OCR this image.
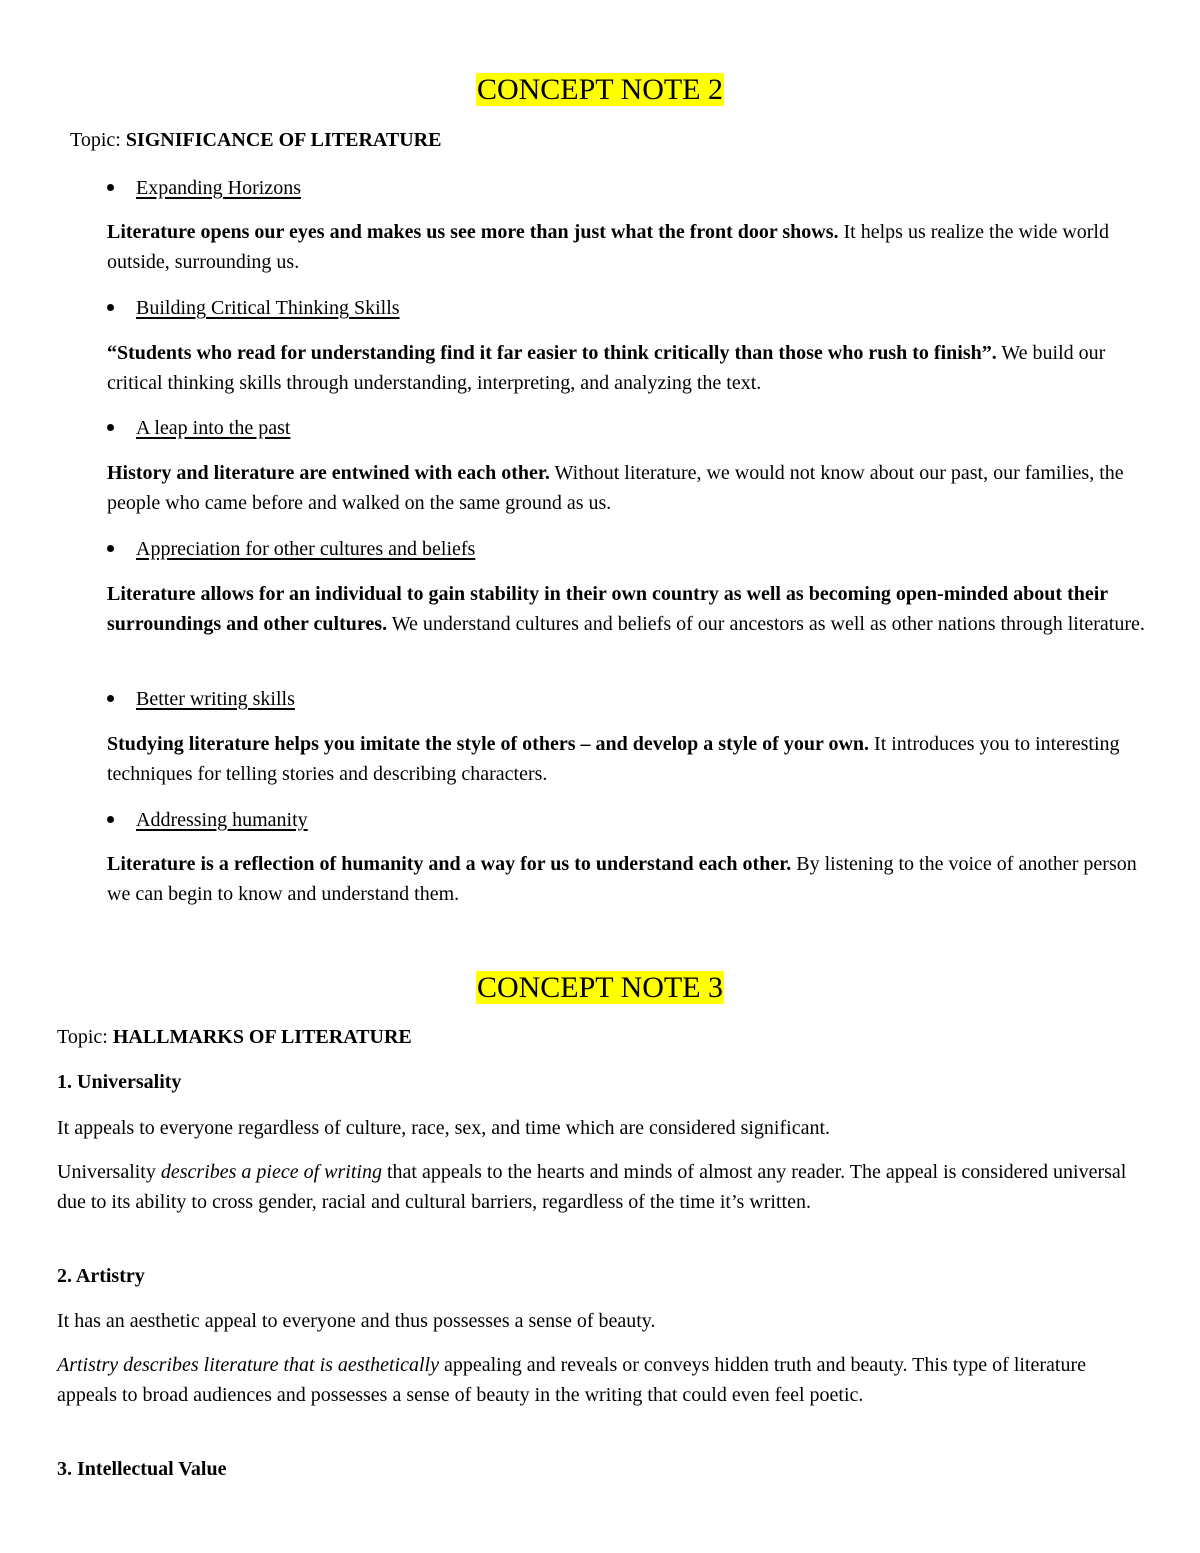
CONCEPT NOTE 2
Topic: SIGNIFICANCE OF LITERATURE
Expanding Horizons
Literature opens our eyes and makes us see more than just what the front door shows. It helps us realize the wide world outside, surrounding us.
Building Critical Thinking Skills
“Students who read for understanding find it far easier to think critically than those who rush to finish”. We build our critical thinking skills through understanding, interpreting, and analyzing the text.
A leap into the past
History and literature are entwined with each other. Without literature, we would not know about our past, our families, the people who came before and walked on the same ground as us.
Appreciation for other cultures and beliefs
Literature allows for an individual to gain stability in their own country as well as becoming open-minded about their surroundings and other cultures. We understand cultures and beliefs of our ancestors as well as other nations through literature.
Better writing skills
Studying literature helps you imitate the style of others – and develop a style of your own. It introduces you to interesting techniques for telling stories and describing characters.
Addressing humanity
Literature is a reflection of humanity and a way for us to understand each other. By listening to the voice of another person we can begin to know and understand them.
CONCEPT NOTE 3
Topic: HALLMARKS OF LITERATURE
1. Universality
It appeals to everyone regardless of culture, race, sex, and time which are considered significant.
Universality describes a piece of writing that appeals to the hearts and minds of almost any reader. The appeal is considered universal due to its ability to cross gender, racial and cultural barriers, regardless of the time it’s written.
2. Artistry
It has an aesthetic appeal to everyone and thus possesses a sense of beauty.
Artistry describes literature that is aesthetically appealing and reveals or conveys hidden truth and beauty. This type of literature appeals to broad audiences and possesses a sense of beauty in the writing that could even feel poetic.
3. Intellectual Value
